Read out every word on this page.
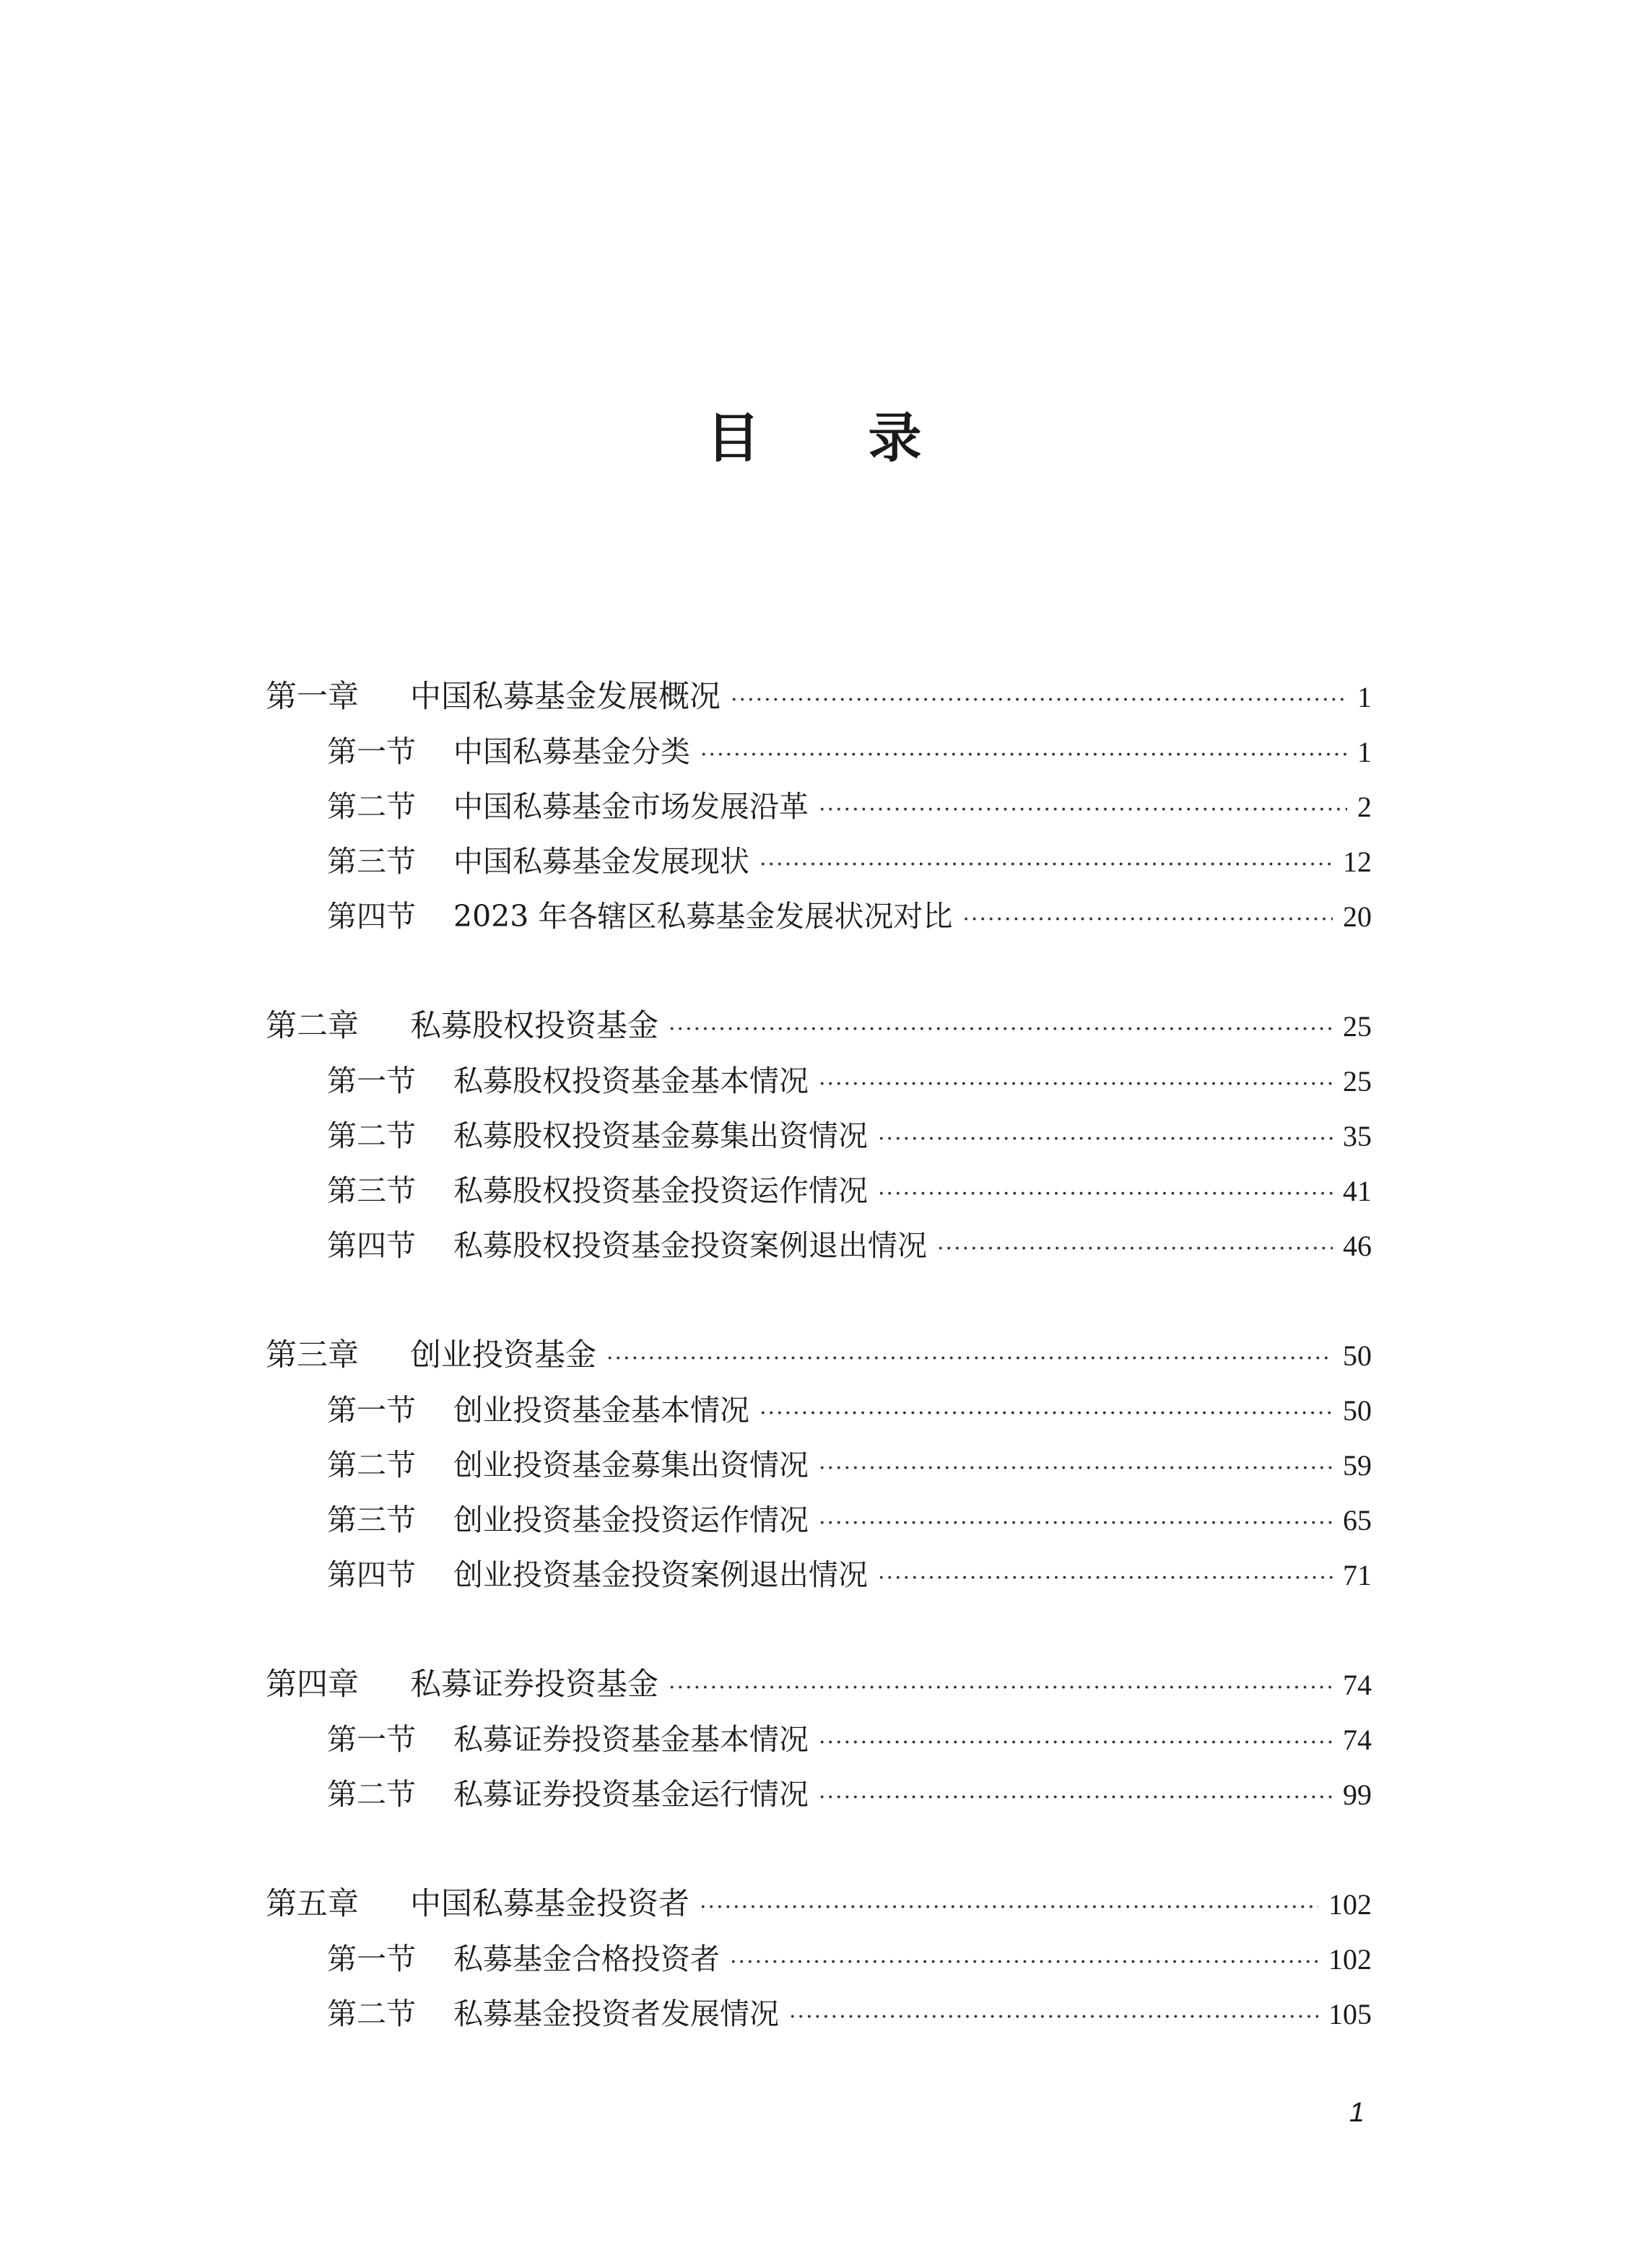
目 录
第一章	中国私募基金发展概况 ·····	1
第一节	中国私募基金分类 ·····	1
第二节	中国私募基金市场发展沿革 ·····	2
第三节	中国私募基金发展现状 ·····	12
第四节	2023 年各辖区私募基金发展状况对比 ·····	20
第二章	私募股权投资基金 ·····	25
第一节	私募股权投资基金基本情况 ·····	25
第二节	私募股权投资基金募集出资情况 ·····	35
第三节	私募股权投资基金投资运作情况 ·····	41
第四节	私募股权投资基金投资案例退出情况 ·····	46
第三章	创业投资基金 ·····	50
第一节	创业投资基金基本情况 ·····	50
第二节	创业投资基金募集出资情况 ·····	59
第三节	创业投资基金投资运作情况 ·····	65
第四节	创业投资基金投资案例退出情况 ·····	71
第四章	私募证券投资基金 ·····	74
第一节	私募证券投资基金基本情况 ·····	74
第二节	私募证券投资基金运行情况 ·····	99
第五章	中国私募基金投资者 ·····	102
第一节	私募基金合格投资者 ·····	102
第二节	私募基金投资者发展情况 ·····	105
1
